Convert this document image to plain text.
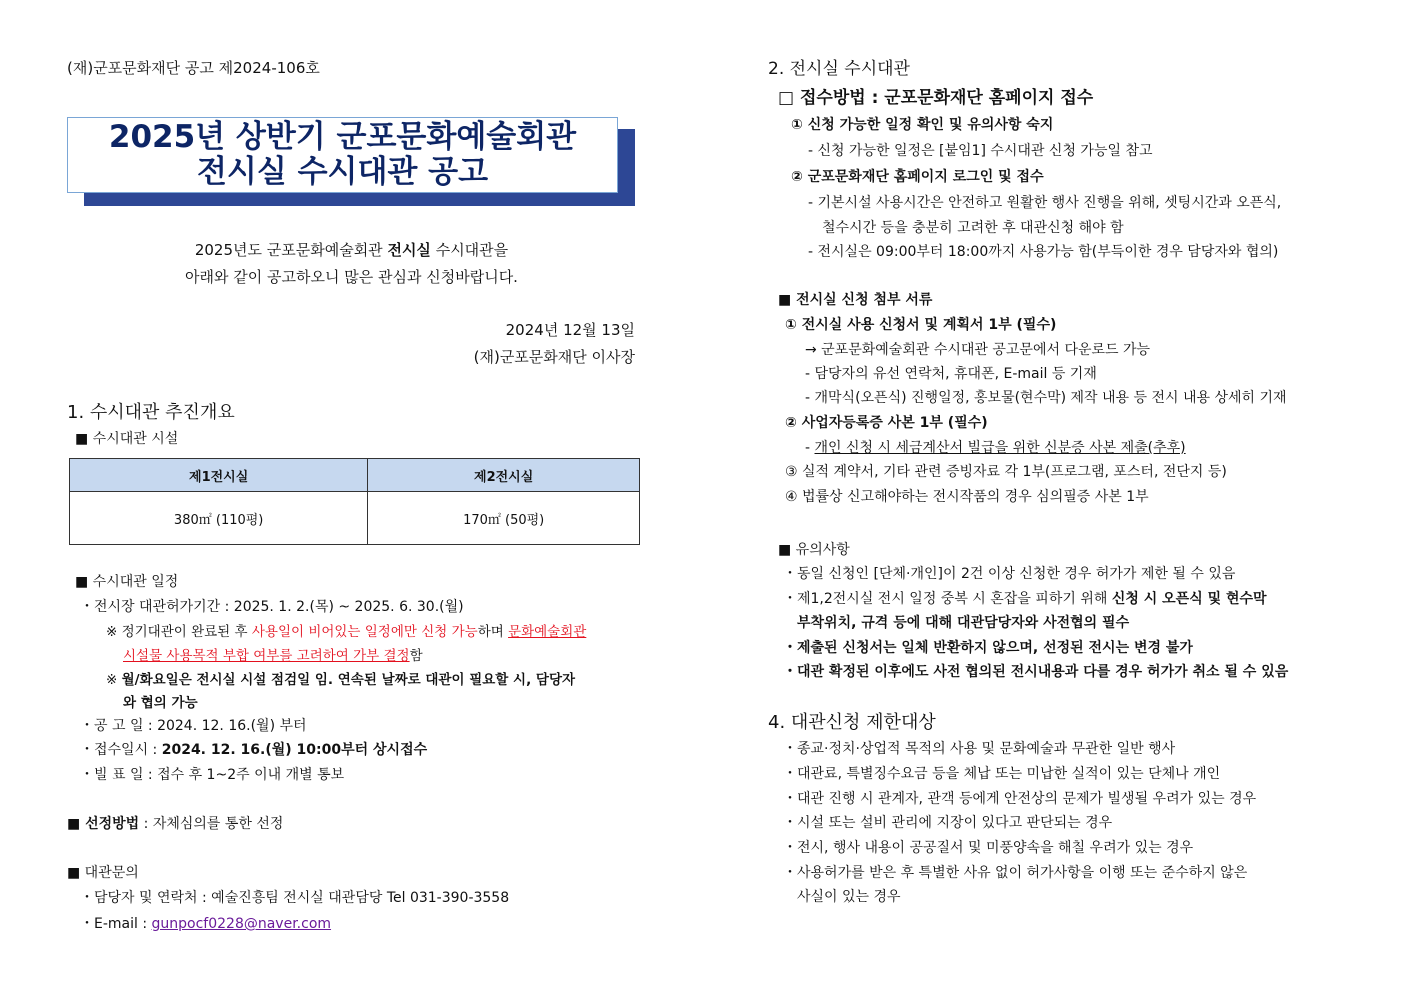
(재)군포문화재단 공고 제2024-106호
2025년 상반기 군포문화예술회관
전시실 수시대관 공고
2025년도 군포문화예술회관 전시실 수시대관을
아래와 같이 공고하오니 많은 관심과 신청바랍니다.
2024년 12월 13일
(재)군포문화재단 이사장
1. 수시대관 추진개요
■ 수시대관 시설
제1전시실	제2전시실
380㎡ (110평)	170㎡ (50평)
■ 수시대관 일정
・전시장 대관허가기간 : 2025. 1. 2.(목) ~ 2025. 6. 30.(월)
※ 정기대관이 완료된 후 사용일이 비어있는 일정에만 신청 가능하며 문화예술회관
시설물 사용목적 부합 여부를 고려하여 가부 결정함
※ 월/화요일은 전시실 시설 점검일 임. 연속된 날짜로 대관이 필요할 시, 담당자
와 협의 가능
・공 고 일 : 2024. 12. 16.(월) 부터
・접수일시 : 2024. 12. 16.(월) 10:00부터 상시접수
・빌 표 일 : 접수 후 1~2주 이내 개별 통보
■ 선정방법 : 자체심의를 통한 선정
■ 대관문의
・담당자 및 연락처 : 예술진흥팀 전시실 대관담당 Tel 031-390-3558
・E-mail : gunpocf0228@naver.com
2. 전시실 수시대관
□ 접수방법 : 군포문화재단 홈페이지 접수
① 신청 가능한 일정 확인 및 유의사항 숙지
- 신청 가능한 일정은 [붙임1] 수시대관 신청 가능일 참고
② 군포문화재단 홈페이지 로그인 및 접수
- 기본시설 사용시간은 안전하고 원활한 행사 진행을 위해, 셋팅시간과 오픈식,
철수시간 등을 충분히 고려한 후 대관신청 해야 함
- 전시실은 09:00부터 18:00까지 사용가능 함(부득이한 경우 담당자와 협의)
■ 전시실 신청 첨부 서류
① 전시실 사용 신청서 및 계획서 1부 (필수)
→ 군포문화예술회관 수시대관 공고문에서 다운로드 가능
- 담당자의 유선 연락처, 휴대폰, E-mail 등 기재
- 개막식(오픈식) 진행일정, 홍보물(현수막) 제작 내용 등 전시 내용 상세히 기재
② 사업자등록증 사본 1부 (필수)
- 개인 신청 시 세금계산서 빌급을 위한 신분증 사본 제출(추후)
③ 실적 계약서, 기타 관련 증빙자료 각 1부(프로그램, 포스터, 전단지 등)
④ 법률상 신고해야하는 전시작품의 경우 심의필증 사본 1부
■ 유의사항
・동일 신청인 [단체·개인]이 2건 이상 신청한 경우 허가가 제한 될 수 있음
・제1,2전시실 전시 일정 중복 시 혼잡을 피하기 위해 신청 시 오픈식 및 현수막
부착위치, 규격 등에 대해 대관담당자와 사전협의 필수
・제출된 신청서는 일체 반환하지 않으며, 선정된 전시는 변경 불가
・대관 확정된 이후에도 사전 협의된 전시내용과 다를 경우 허가가 취소 될 수 있음
4. 대관신청 제한대상
・종교·정치·상업적 목적의 사용 및 문화예술과 무관한 일반 행사
・대관료, 특별징수요금 등을 체납 또는 미납한 실적이 있는 단체나 개인
・대관 진행 시 관계자, 관객 등에게 안전상의 문제가 빌생될 우려가 있는 경우
・시설 또는 설비 관리에 지장이 있다고 판단되는 경우
・전시, 행사 내용이 공공질서 및 미풍양속을 해칠 우려가 있는 경우
・사용허가를 받은 후 특별한 사유 없이 허가사항을 이행 또는 준수하지 않은
사실이 있는 경우
